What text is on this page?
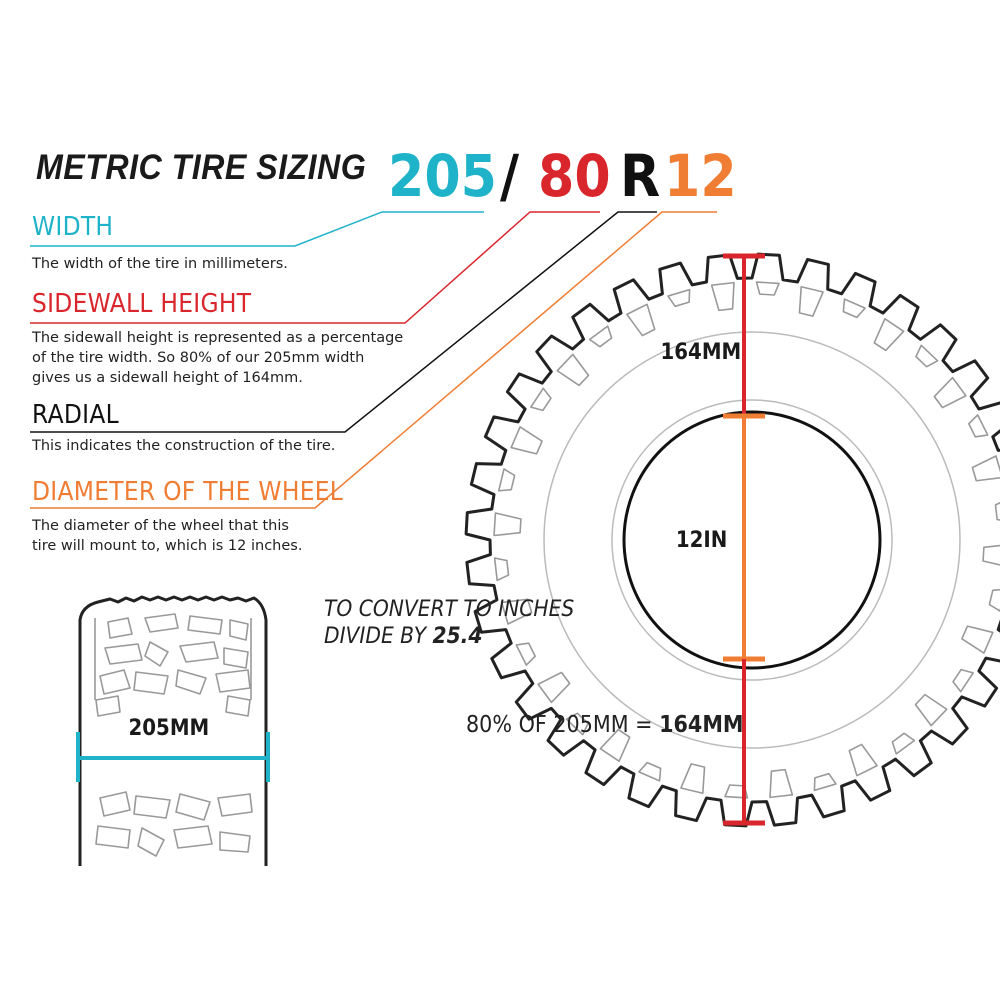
METRIC TIRE SIZING 205 / 80 R 12
WIDTH
The width of the tire in millimeters.
SIDEWALL HEIGHT
The sidewall height is represented as a percentage
of the tire width. So 80% of our 205mm width
gives us a sidewall height of 164mm.
RADIAL
This indicates the construction of the tire.
DIAMETER OF THE WHEEL
The diameter of the wheel that this
tire will mount to, which is 12 inches.
164MM
12IN
205MM
TO CONVERT TO INCHES
DIVIDE BY 25.4
80% OF 205MM = 164MM
